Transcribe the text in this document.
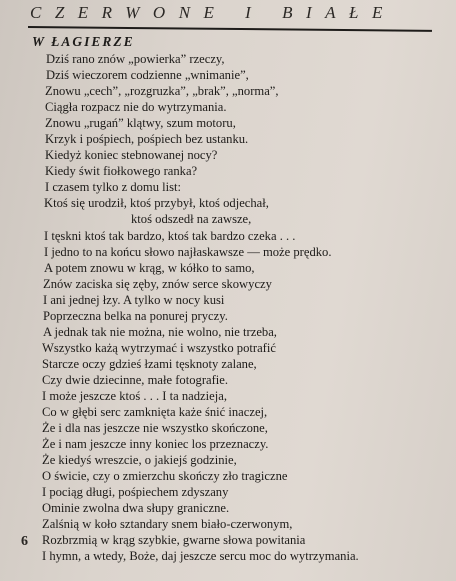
CZERWONE I BIAŁE
W ŁAGIERZE
Dziś rano znów „powierka” rzeczy,
Dziś wieczorem codzienne „wnimanie”,
Znowu „cech”, „rozgruzka”, „brak”, „norma”,
Ciągła rozpacz nie do wytrzymania.
Znowu „rugań” klątwy, szum motoru,
Krzyk i pośpiech, pośpiech bez ustanku.
Kiedyż koniec stebnowanej nocy?
Kiedy świt fiołkowego ranka?
I czasem tylko z domu list:
Ktoś się urodził, ktoś przybył, ktoś odjechał,
ktoś odszedł na zawsze,
I tęskni ktoś tak bardzo, ktoś tak bardzo czeka . . .
I jedno to na końcu słowo najłaskawsze — może prędko.
A potem znowu w krąg, w kółko to samo,
Znów zaciska się zęby, znów serce skowyczy
I ani jednej łzy. A tylko w nocy kusi
Poprzeczna belka na ponurej pryczy.
A jednak tak nie można, nie wolno, nie trzeba,
Wszystko każą wytrzymać i wszystko potrafić
Starcze oczy gdzieś łzami tęsknoty zalane,
Czy dwie dziecinne, małe fotografie.
I może jeszcze ktoś . . . I ta nadzieja,
Co w głębi serc zamknięta każe śnić inaczej,
Że i dla nas jeszcze nie wszystko skończone,
Że i nam jeszcze inny koniec los przeznaczy.
Że kiedyś wreszcie, o jakiejś godzinie,
O świcie, czy o zmierzchu skończy zło tragiczne
I pociąg długi, pośpiechem zdyszany
Ominie zwolna dwa słupy graniczne.
Zalśnią w koło sztandary snem biało-czerwonym,
Rozbrzmią w krąg szybkie, gwarne słowa powitania
I hymn, a wtedy, Boże, daj jeszcze sercu moc do wytrzymania.
6
